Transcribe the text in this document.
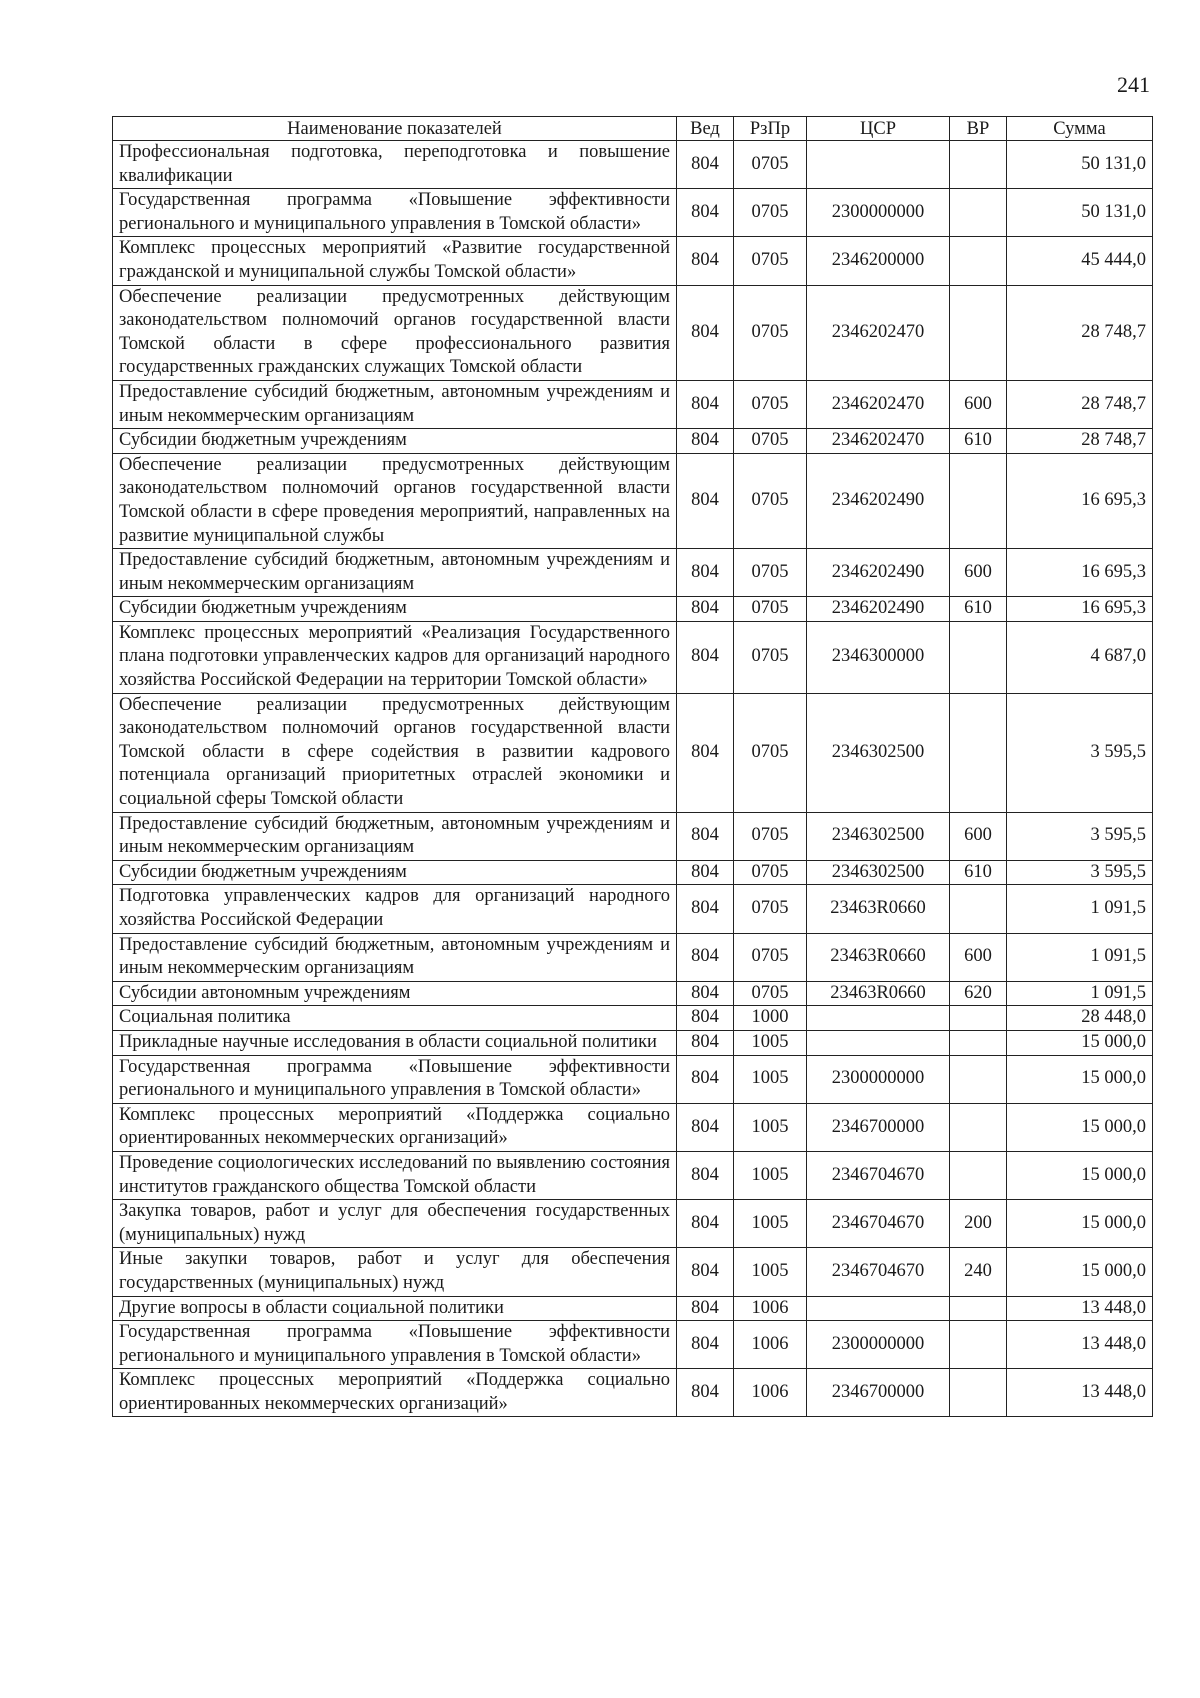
241
Наименование показателей	Вед	РзПр	ЦСР	ВР	Сумма
Профессиональная подготовка, переподготовка и повышение квалификации	804	0705			50 131,0
Государственная программа «Повышение эффективности регионального и муниципального управления в Томской области»	804	0705	2300000000		50 131,0
Комплекс процессных мероприятий «Развитие государственной гражданской и муниципальной службы Томской области»	804	0705	2346200000		45 444,0
Обеспечение реализации предусмотренных действующим законодательством полномочий органов государственной власти Томской области в сфере профессионального развития государственных гражданских служащих Томской области	804	0705	2346202470		28 748,7
Предоставление субсидий бюджетным, автономным учреждениям и иным некоммерческим организациям	804	0705	2346202470	600	28 748,7
Субсидии бюджетным учреждениям	804	0705	2346202470	610	28 748,7
Обеспечение реализации предусмотренных действующим законодательством полномочий органов государственной власти Томской области в сфере проведения мероприятий, направленных на развитие муниципальной службы	804	0705	2346202490		16 695,3
Предоставление субсидий бюджетным, автономным учреждениям и иным некоммерческим организациям	804	0705	2346202490	600	16 695,3
Субсидии бюджетным учреждениям	804	0705	2346202490	610	16 695,3
Комплекс процессных мероприятий «Реализация Государственного плана подготовки управленческих кадров для организаций народного хозяйства Российской Федерации на территории Томской области»	804	0705	2346300000		4 687,0
Обеспечение реализации предусмотренных действующим законодательством полномочий органов государственной власти Томской области в сфере содействия в развитии кадрового потенциала организаций приоритетных отраслей экономики и социальной сферы Томской области	804	0705	2346302500		3 595,5
Предоставление субсидий бюджетным, автономным учреждениям и иным некоммерческим организациям	804	0705	2346302500	600	3 595,5
Субсидии бюджетным учреждениям	804	0705	2346302500	610	3 595,5
Подготовка управленческих кадров для организаций народного хозяйства Российской Федерации	804	0705	23463R0660		1 091,5
Предоставление субсидий бюджетным, автономным учреждениям и иным некоммерческим организациям	804	0705	23463R0660	600	1 091,5
Субсидии автономным учреждениям	804	0705	23463R0660	620	1 091,5
Социальная политика	804	1000			28 448,0
Прикладные научные исследования в области социальной политики	804	1005			15 000,0
Государственная программа «Повышение эффективности регионального и муниципального управления в Томской области»	804	1005	2300000000		15 000,0
Комплекс процессных мероприятий «Поддержка социально ориентированных некоммерческих организаций»	804	1005	2346700000		15 000,0
Проведение социологических исследований по выявлению состояния институтов гражданского общества Томской области	804	1005	2346704670		15 000,0
Закупка товаров, работ и услуг для обеспечения государственных (муниципальных) нужд	804	1005	2346704670	200	15 000,0
Иные закупки товаров, работ и услуг для обеспечения государственных (муниципальных) нужд	804	1005	2346704670	240	15 000,0
Другие вопросы в области социальной политики	804	1006			13 448,0
Государственная программа «Повышение эффективности регионального и муниципального управления в Томской области»	804	1006	2300000000		13 448,0
Комплекс процессных мероприятий «Поддержка социально ориентированных некоммерческих организаций»	804	1006	2346700000		13 448,0
